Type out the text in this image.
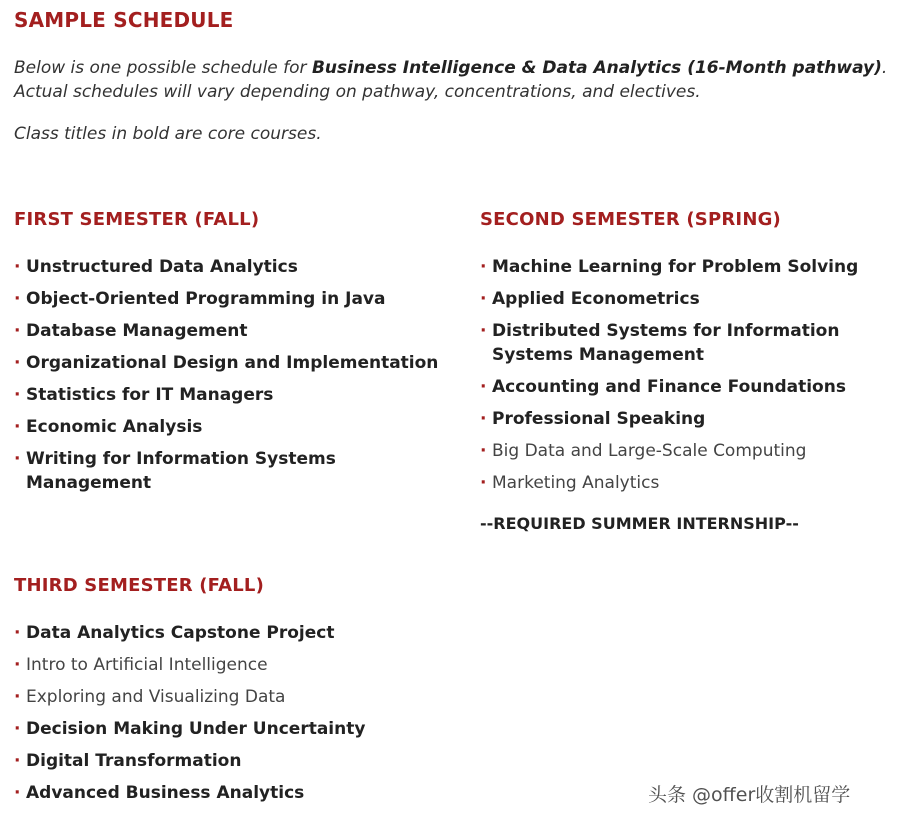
SAMPLE SCHEDULE
Below is one possible schedule for Business Intelligence & Data Analytics (16-Month pathway). Actual schedules will vary depending on pathway, concentrations, and electives.
Class titles in bold are core courses.
FIRST SEMESTER (FALL)
· Unstructured Data Analytics
· Object-Oriented Programming in Java
· Database Management
· Organizational Design and Implementation
· Statistics for IT Managers
· Economic Analysis
· Writing for Information Systems Management
SECOND SEMESTER (SPRING)
· Machine Learning for Problem Solving
· Applied Econometrics
· Distributed Systems for Information Systems Management
· Accounting and Finance Foundations
· Professional Speaking
· Big Data and Large-Scale Computing
· Marketing Analytics
--REQUIRED SUMMER INTERNSHIP--
THIRD SEMESTER (FALL)
· Data Analytics Capstone Project
· Intro to Artificial Intelligence
· Exploring and Visualizing Data
· Decision Making Under Uncertainty
· Digital Transformation
· Advanced Business Analytics	头条 @offer收割机留学
